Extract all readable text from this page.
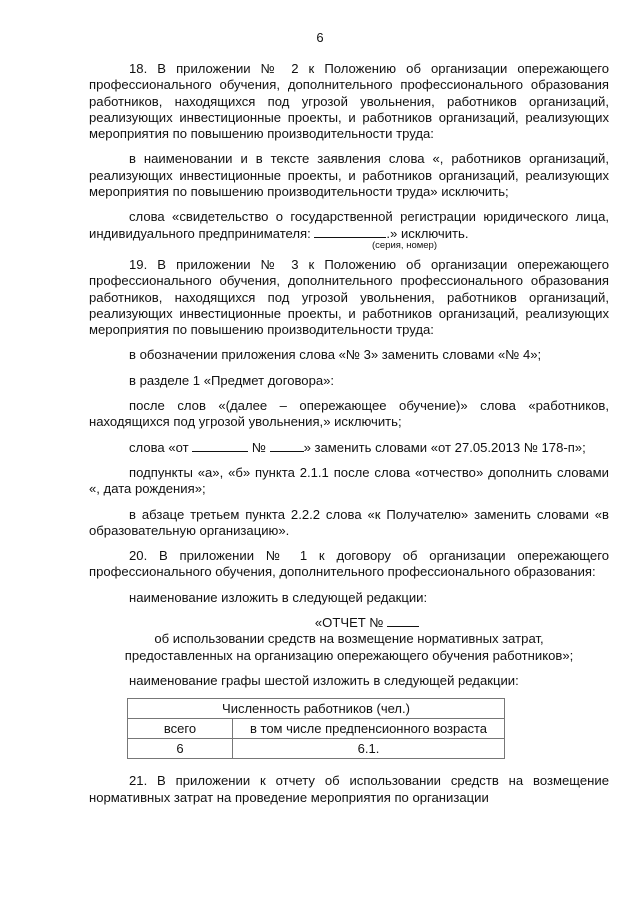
6

18. В приложении № 2 к Положению об организации опережающего профессионального обучения, дополнительного профессионального образования работников, находящихся под угрозой увольнения, работников организаций, реализующих инвестиционные проекты, и работников организаций, реализующих мероприятия по повышению производительности труда:

в наименовании и в тексте заявления слова «, работников организаций, реализующих инвестиционные проекты, и работников организаций, реализующих мероприятия по повышению производительности труда» исключить;

слова «свидетельство о государственной регистрации юридического лица, индивидуального предпринимателя:	.» исключить.

(серия, номер)

19. В приложении № 3 к Положению об организации опережающего профессионального обучения, дополнительного профессионального образования работников, находящихся под угрозой увольнения, работников организаций, реализующих инвестиционные проекты, и работников организаций, реализующих мероприятия по повышению производительности труда:

в обозначении приложения слова «№ 3» заменить словами «№ 4»;

в разделе 1 «Предмет договора»:

после слов «(далее – опережающее обучение)» слова «работников, находящихся под угрозой увольнения,» исключить;

слова «от	№	» заменить словами «от 27.05.2013 № 178-п»;

подпункты «а», «б» пункта 2.1.1 после слова «отчество» дополнить словами «, дата рождения»;

в абзаце третьем пункта 2.2.2 слова «к Получателю» заменить словами «в образовательную организацию».

20. В приложении № 1 к договору об организации опережающего профессионального обучения, дополнительного профессионального образования:

наименование изложить в следующей редакции:

«ОТЧЕТ №
об использовании средств на возмещение нормативных затрат,
предоставленных на организацию опережающего обучения работников»;

наименование графы шестой изложить в следующей редакции:

Численность работников (чел.)	
всего	в том числе предпенсионного возраста
6	6.1.

21. В приложении к отчету об использовании средств на возмещение нормативных затрат на проведение мероприятия по организации
